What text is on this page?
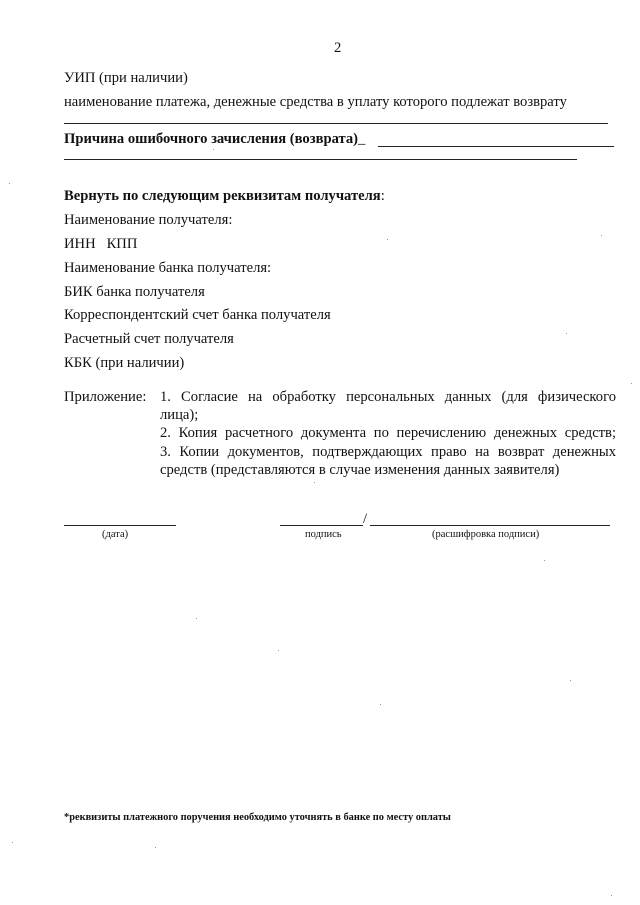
2
УИП (при наличии)
наименование платежа, денежные средства в уплату которого подлежат возврату
Причина ошибочного зачисления (возврата)_
Вернуть по следующим реквизитам получателя:
Наименование получателя:
ИНН   КПП
Наименование банка получателя:
БИК банка получателя
Корреспондентский счет банка получателя
Расчетный счет получателя
КБК (при наличии)
Приложение: 1. Согласие на обработку персональных данных (для физического
лица);
2. Копия расчетного документа по перечислению денежных средств;
3. Копии документов, подтверждающих право на возврат денежных
средств (представляются в случае изменения данных заявителя)
/
(дата)	подпись	(расшифровка подписи)
*реквизиты платежного поручения необходимо уточнять в банке по месту оплаты
